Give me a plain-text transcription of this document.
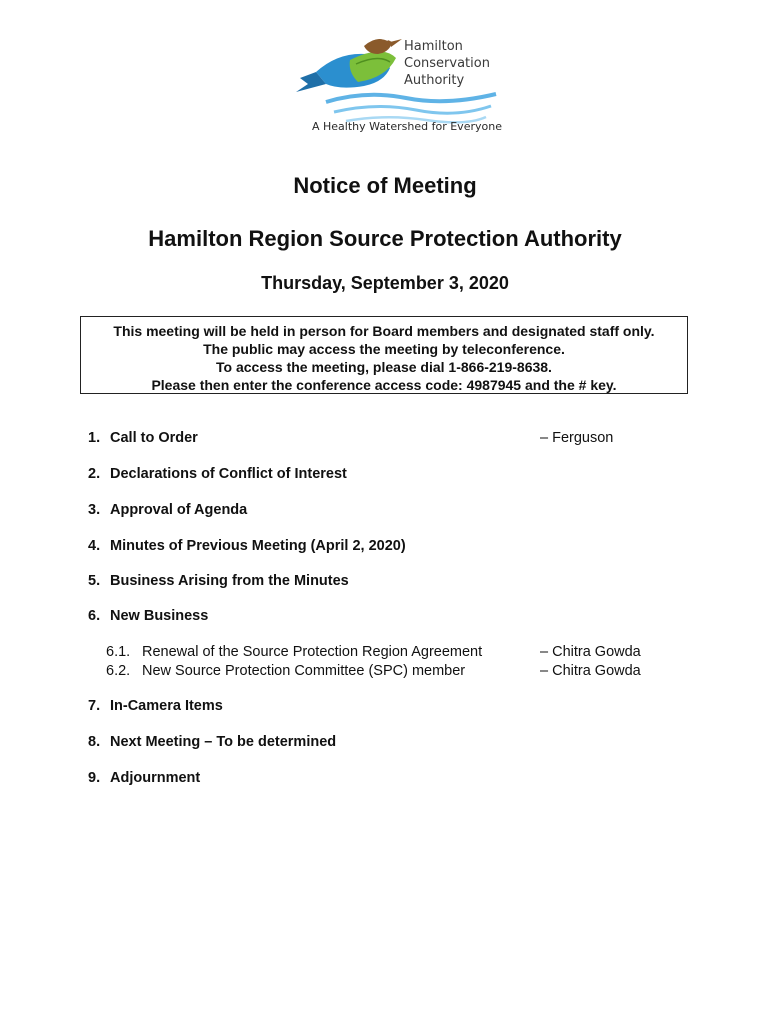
Hamilton
Conservation
Authority
A Healthy Watershed for Everyone
Notice of Meeting
Hamilton Region Source Protection Authority
Thursday, September 3, 2020
This meeting will be held in person for Board members and designated staff only.
The public may access the meeting by teleconference.
To access the meeting, please dial 1-866-219-8638.
Please then enter the conference access code: 4987945 and the # key.
1. Call to Order	– Ferguson
2. Declarations of Conflict of Interest
3. Approval of Agenda
4. Minutes of Previous Meeting (April 2, 2020)
5. Business Arising from the Minutes
6. New Business
6.1. Renewal of the Source Protection Region Agreement	– Chitra Gowda
6.2. New Source Protection Committee (SPC) member	– Chitra Gowda
7. In-Camera Items
8. Next Meeting – To be determined
9. Adjournment
